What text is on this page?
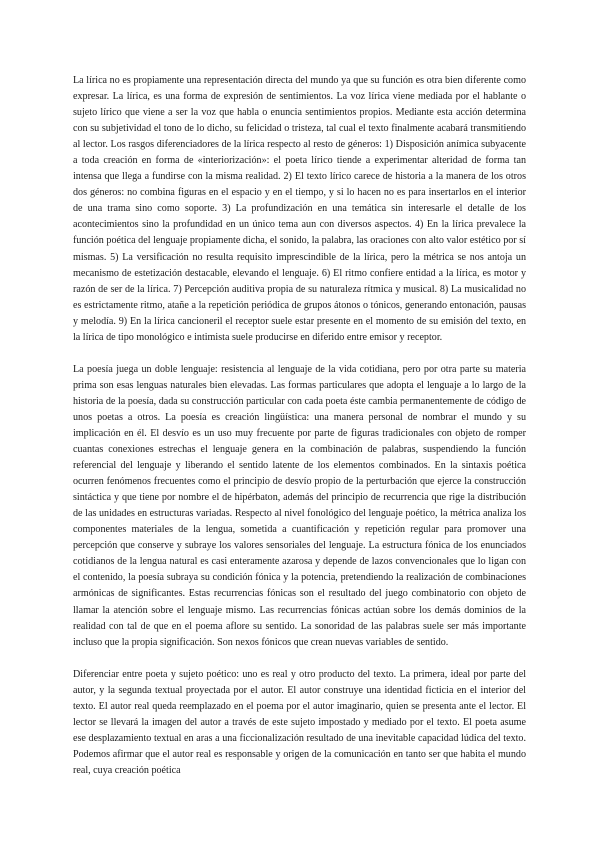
La lírica no es propiamente una representación directa del mundo ya que su función es otra bien diferente como expresar. La lírica, es una forma de expresión de sentimientos. La voz lírica viene mediada por el hablante o sujeto lírico que viene a ser la voz que habla o enuncia sentimientos propios. Mediante esta acción determina con su subjetividad el tono de lo dicho, su felicidad o tristeza, tal cual el texto finalmente acabará transmitiendo al lector. Los rasgos diferenciadores de la lírica respecto al resto de géneros: 1) Disposición anímica subyacente a toda creación en forma de «interiorización»: el poeta lírico tiende a experimentar alteridad de forma tan intensa que llega a fundirse con la misma realidad. 2) El texto lírico carece de historia a la manera de los otros dos géneros: no combina figuras en el espacio y en el tiempo, y si lo hacen no es para insertarlos en el interior de una trama sino como soporte. 3) La profundización en una temática sin interesarle el detalle de los acontecimientos sino la profundidad en un único tema aun con diversos aspectos. 4) En la lírica prevalece la función poética del lenguaje propiamente dicha, el sonido, la palabra, las oraciones con alto valor estético por sí mismas. 5) La versificación no resulta requisito imprescindible de la lírica, pero la métrica se nos antoja un mecanismo de estetización destacable, elevando el lenguaje. 6) El ritmo confiere entidad a la lírica, es motor y razón de ser de la lírica. 7) Percepción auditiva propia de su naturaleza rítmica y musical. 8) La musicalidad no es estrictamente ritmo, atañe a la repetición periódica de grupos átonos o tónicos, generando entonación, pausas y melodía. 9) En la lírica cancioneril el receptor suele estar presente en el momento de su emisión del texto, en la lírica de tipo monológico e intimista suele producirse en diferido entre emisor y receptor.

La poesía juega un doble lenguaje: resistencia al lenguaje de la vida cotidiana, pero por otra parte su materia prima son esas lenguas naturales bien elevadas. Las formas particulares que adopta el lenguaje a lo largo de la historia de la poesía, dada su construcción particular con cada poeta éste cambia permanentemente de código de unos poetas a otros. La poesía es creación lingüística: una manera personal de nombrar el mundo y su implicación en él. El desvío es un uso muy frecuente por parte de figuras tradicionales con objeto de romper cuantas conexiones estrechas el lenguaje genera en la combinación de palabras, suspendiendo la función referencial del lenguaje y liberando el sentido latente de los elementos combinados. En la sintaxis poética ocurren fenómenos frecuentes como el principio de desvío propio de la perturbación que ejerce la construcción sintáctica y que tiene por nombre el de hipérbaton, además del principio de recurrencia que rige la distribución de las unidades en estructuras variadas. Respecto al nivel fonológico del lenguaje poético, la métrica analiza los componentes materiales de la lengua, sometida a cuantificación y repetición regular para promover una percepción que conserve y subraye los valores sensoriales del lenguaje. La estructura fónica de los enunciados cotidianos de la lengua natural es casi enteramente azarosa y depende de lazos convencionales que lo ligan con el contenido, la poesía subraya su condición fónica y la potencia, pretendiendo la realización de combinaciones armónicas de significantes. Estas recurrencias fónicas son el resultado del juego combinatorio con objeto de llamar la atención sobre el lenguaje mismo. Las recurrencias fónicas actúan sobre los demás dominios de la realidad con tal de que en el poema aflore su sentido. La sonoridad de las palabras suele ser más importante incluso que la propia significación. Son nexos fónicos que crean nuevas variables de sentido.

Diferenciar entre poeta y sujeto poético: uno es real y otro producto del texto. La primera, ideal por parte del autor, y la segunda textual proyectada por el autor. El autor construye una identidad ficticia en el interior del texto. El autor real queda reemplazado en el poema por el autor imaginario, quien se presenta ante el lector. El lector se llevará la imagen del autor a través de este sujeto impostado y mediado por el texto. El poeta asume ese desplazamiento textual en aras a una ficcionalización resultado de una inevitable capacidad lúdica del texto. Podemos afirmar que el autor real es responsable y origen de la comunicación en tanto ser que habita el mundo real, cuya creación poética
